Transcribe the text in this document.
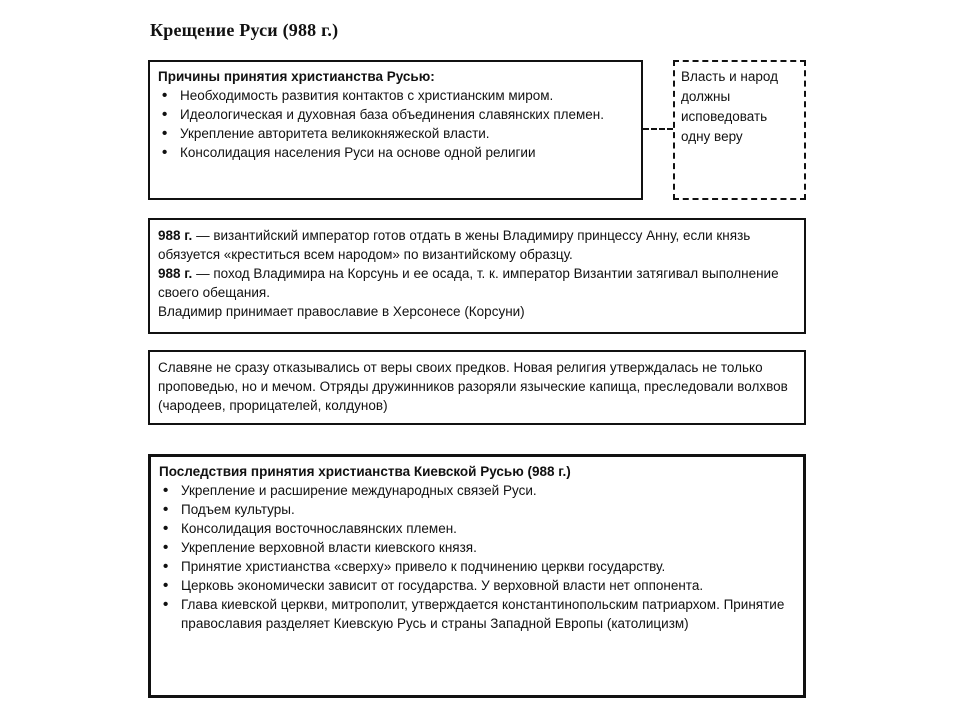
Крещение Руси (988 г.)
Причины принятия христианства Русью:
• Необходимость развития контактов с христианским миром.
• Идеологическая и духовная база объединения славянских племен.
• Укрепление авторитета великокняжеской власти.
• Консолидация населения Руси на основе одной религии
Власть и народ должны исповедовать одну веру

988 г. — византийский император готов отдать в жены Владимиру принцессу Анну, если князь обязуется «креститься всем народом» по византийскому образцу.

988 г. — поход Владимира на Корсунь и ее осада, т. к. император Византии затягивал выполнение своего обещания.

Владимир принимает православие в Херсонесе (Корсуни)

Славяне не сразу отказывались от веры своих предков. Новая религия утверждалась не только проповедью, но и мечом. Отряды дружинников разоряли языческие капища, преследовали волхвов (чародеев, прорицателей, колдунов)
Последствия принятия христианства Киевской Русью (988 г.)
• Укрепление и расширение международных связей Руси.
• Подъем культуры.
• Консолидация восточнославянских племен.
• Укрепление верховной власти киевского князя.
• Принятие христианства «сверху» привело к подчинению церкви государству.
• Церковь экономически зависит от государства. У верховной власти нет оппонента.
• Глава киевской церкви, митрополит, утверждается константинопольским патриархом. Принятие православия разделяет Киевскую Русь и страны Западной Европы (католицизм)
